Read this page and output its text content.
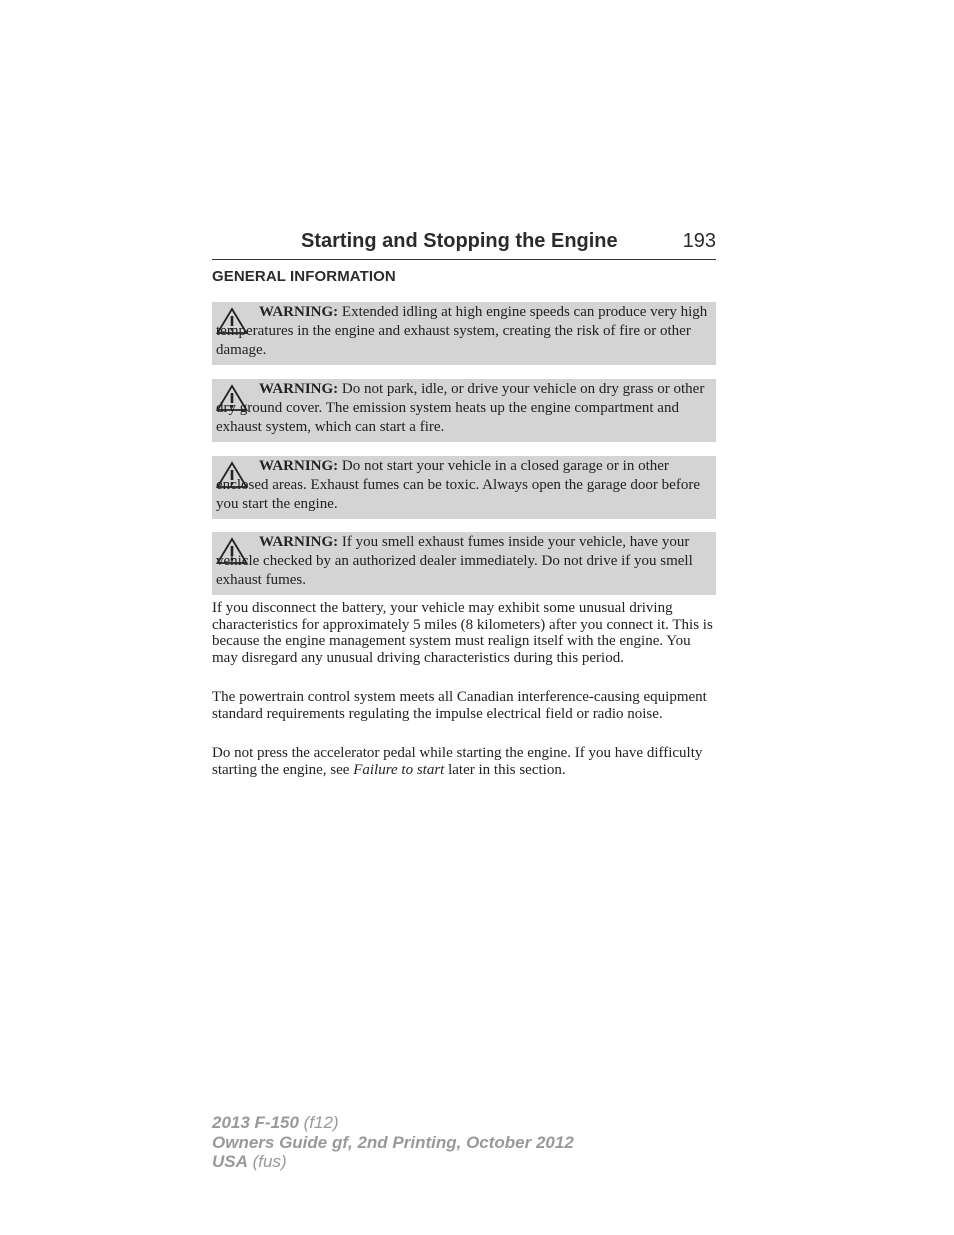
Starting and Stopping the Engine	193
GENERAL INFORMATION
WARNING: Extended idling at high engine speeds can produce very high temperatures in the engine and exhaust system, creating the risk of fire or other damage.
WARNING: Do not park, idle, or drive your vehicle on dry grass or other dry ground cover. The emission system heats up the engine compartment and exhaust system, which can start a fire.
WARNING: Do not start your vehicle in a closed garage or in other enclosed areas. Exhaust fumes can be toxic. Always open the garage door before you start the engine.
WARNING: If you smell exhaust fumes inside your vehicle, have your vehicle checked by an authorized dealer immediately. Do not drive if you smell exhaust fumes.
If you disconnect the battery, your vehicle may exhibit some unusual driving characteristics for approximately 5 miles (8 kilometers) after you connect it. This is because the engine management system must realign itself with the engine. You may disregard any unusual driving characteristics during this period.
The powertrain control system meets all Canadian interference-causing equipment standard requirements regulating the impulse electrical field or radio noise.
Do not press the accelerator pedal while starting the engine. If you have difficulty starting the engine, see Failure to start later in this section.
2013 F-150 (f12)
Owners Guide gf, 2nd Printing, October 2012
USA (fus)
